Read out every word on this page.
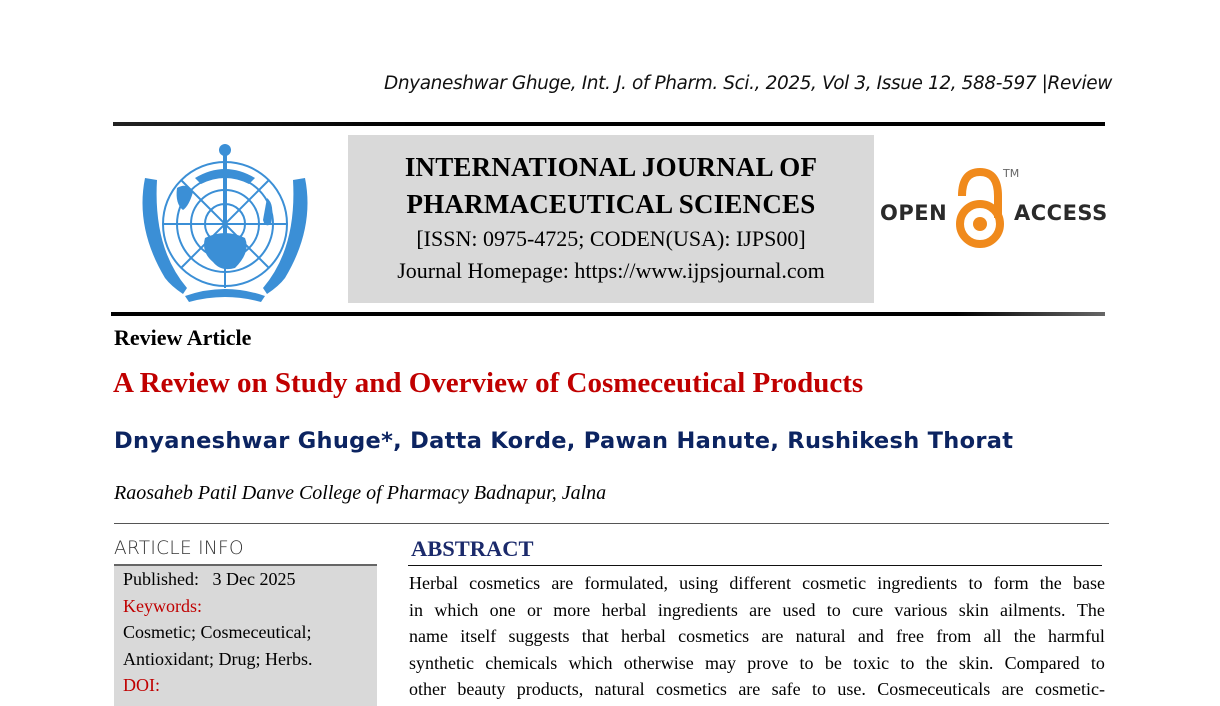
Dnyaneshwar Ghuge, Int. J. of Pharm. Sci., 2025, Vol 3, Issue 12, 588-597 |Review
INTERNATIONAL JOURNAL OF
PHARMACEUTICAL SCIENCES
[ISSN: 0975-4725; CODEN(USA): IJPS00]
Journal Homepage: https://www.ijpsjournal.com
OPEN
TM
ACCESS
Review Article
A Review on Study and Overview of Cosmeceutical Products
Dnyaneshwar Ghuge*, Datta Korde, Pawan Hanute, Rushikesh Thorat
Raosaheb Patil Danve College of Pharmacy Badnapur, Jalna
ARTICLE INFO
Published: 3 Dec 2025
Keywords:
Cosmetic; Cosmeceutical;
Antioxidant; Drug; Herbs.
DOI:
ABSTRACT

Herbal cosmetics are formulated, using different cosmetic ingredients to form the base

in which one or more herbal ingredients are used to cure various skin ailments. The

name itself suggests that herbal cosmetics are natural and free from all the harmful

synthetic chemicals which otherwise may prove to be toxic to the skin. Compared to

other beauty products, natural cosmetics are safe to use. Cosmeceuticals are cosmetic-
